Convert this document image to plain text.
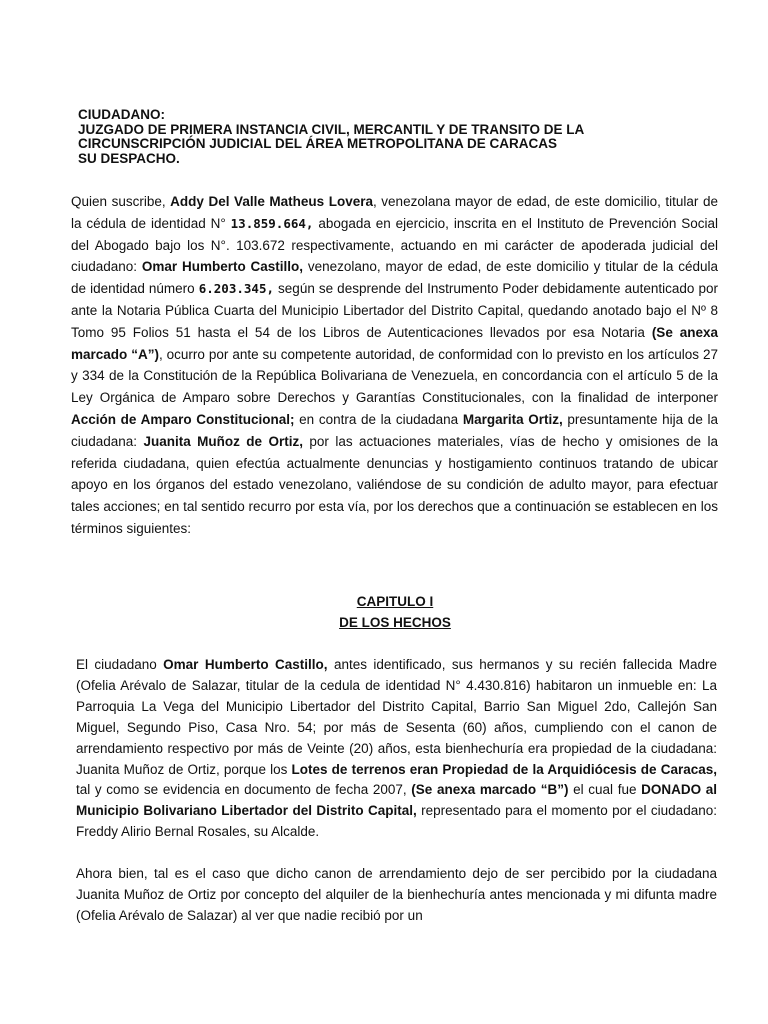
CIUDADANO:
JUZGADO DE PRIMERA INSTANCIA CIVIL, MERCANTIL Y DE TRANSITO DE LA
CIRCUNSCRIPCIÓN JUDICIAL DEL ÁREA METROPOLITANA DE CARACAS
SU DESPACHO.

Quien suscribe, Addy Del Valle Matheus Lovera, venezolana mayor de edad, de este domicilio, titular de la cédula de identidad N° 13.859.664, abogada en ejercicio, inscrita en el Instituto de Prevención Social del Abogado bajo los N°. 103.672 respectivamente, actuando en mi carácter de apoderada judicial del ciudadano: Omar Humberto Castillo, venezolano, mayor de edad, de este domicilio y titular de la cédula de identidad número 6.203.345, según se desprende del Instrumento Poder debidamente autenticado por ante la Notaria Pública Cuarta del Municipio Libertador del Distrito Capital, quedando anotado bajo el Nº 8 Tomo 95 Folios 51 hasta el 54 de los Libros de Autenticaciones llevados por esa Notaria (Se anexa marcado “A”), ocurro por ante su competente autoridad, de conformidad con lo previsto en los artículos 27 y 334 de la Constitución de la República Bolivariana de Venezuela, en concordancia con el artículo 5 de la Ley Orgánica de Amparo sobre Derechos y Garantías Constitucionales, con la finalidad de interponer Acción de Amparo Constitucional; en contra de la ciudadana Margarita Ortiz, presuntamente hija de la ciudadana: Juanita Muñoz de Ortiz, por las actuaciones materiales, vías de hecho y omisiones de la referida ciudadana, quien efectúa actualmente denuncias y hostigamiento continuos tratando de ubicar apoyo en los órganos del estado venezolano, valiéndose de su condición de adulto mayor, para efectuar tales acciones; en tal sentido recurro por esta vía, por los derechos que a continuación se establecen en los términos siguientes:

CAPITULO I
DE LOS HECHOS

El ciudadano Omar Humberto Castillo, antes identificado, sus hermanos y su recién fallecida Madre (Ofelia Arévalo de Salazar, titular de la cedula de identidad N° 4.430.816) habitaron un inmueble en: La Parroquia La Vega del Municipio Libertador del Distrito Capital, Barrio San Miguel 2do, Callejón San Miguel, Segundo Piso, Casa Nro. 54; por más de Sesenta (60) años, cumpliendo con el canon de arrendamiento respectivo por más de Veinte (20) años, esta bienhechuría era propiedad de la ciudadana: Juanita Muñoz de Ortiz, porque los Lotes de terrenos eran Propiedad de la Arquidiócesis de Caracas, tal y como se evidencia en documento de fecha 2007, (Se anexa marcado “B”) el cual fue DONADO al Municipio Bolivariano Libertador del Distrito Capital, representado para el momento por el ciudadano: Freddy Alirio Bernal Rosales, su Alcalde.

Ahora bien, tal es el caso que dicho canon de arrendamiento dejo de ser percibido por la ciudadana Juanita Muñoz de Ortiz por concepto del alquiler de la bienhechuría antes mencionada y mi difunta madre (Ofelia Arévalo de Salazar) al ver que nadie recibió por un
